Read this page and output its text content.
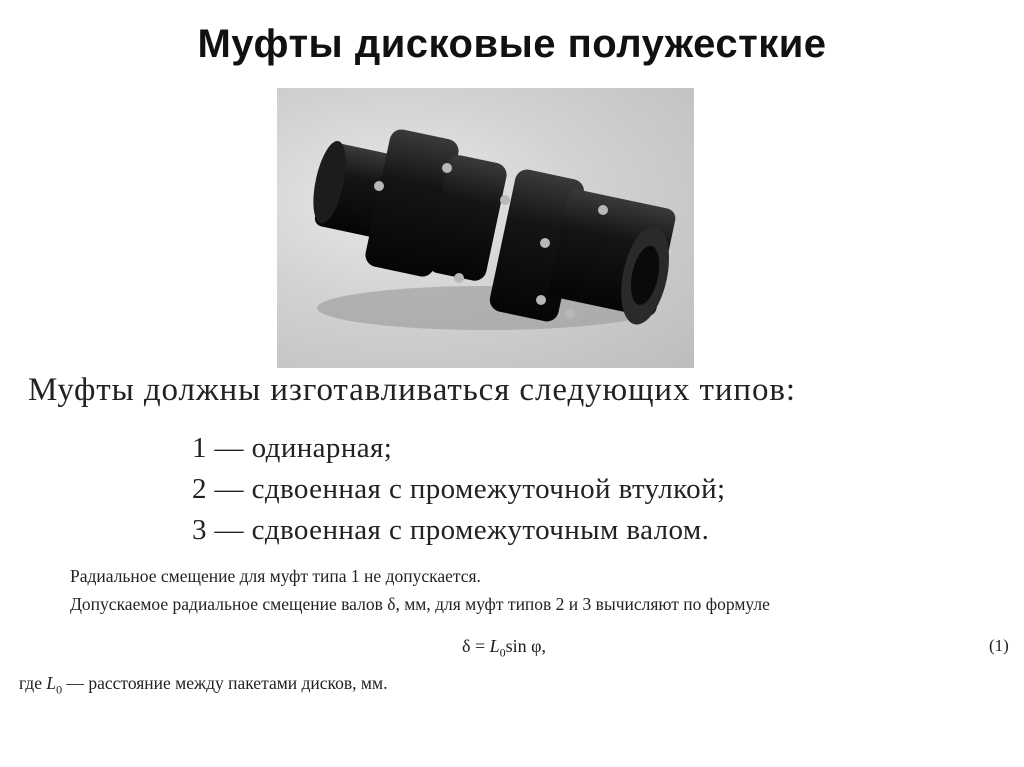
Муфты дисковые полужесткие
Муфты должны изготавливаться следующих типов:
1 — одинарная;
2 — сдвоенная с промежуточной втулкой;
3 — сдвоенная с промежуточным валом.
Радиальное смещение для муфт типа 1 не допускается.
Допускаемое радиальное смещение валов δ, мм, для муфт типов 2 и 3 вычисляют по формуле
$\delta = L_0\sin$ φ,	(1)
где $L_0$ — расстояние между пакетами дисков, мм.
